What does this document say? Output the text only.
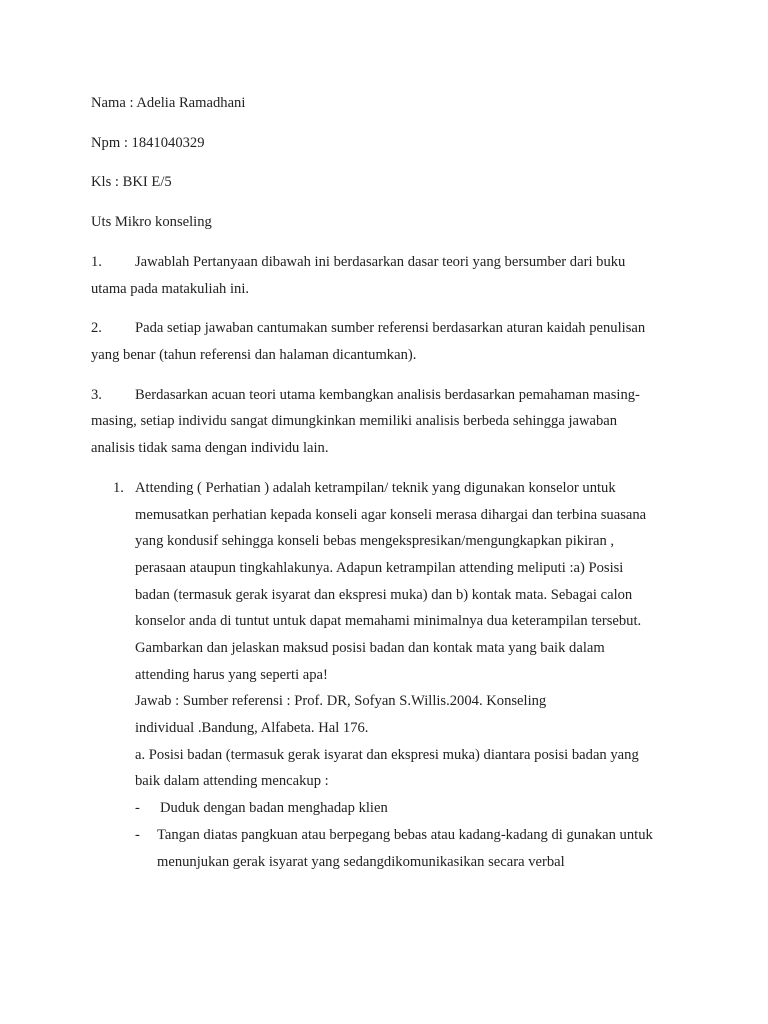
Nama : Adelia Ramadhani
Npm : 1841040329
Kls : BKI E/5
Uts Mikro konseling
1. Jawablah Pertanyaan dibawah ini berdasarkan dasar teori yang bersumber dari buku
utama pada matakuliah ini.
2. Pada setiap jawaban cantumakan sumber referensi berdasarkan aturan kaidah penulisan
yang benar (tahun referensi dan halaman dicantumkan).
3. Berdasarkan acuan teori utama kembangkan analisis berdasarkan pemahaman masing-
masing, setiap individu sangat dimungkinkan memiliki analisis berbeda sehingga jawaban
analisis tidak sama dengan individu lain.
1. Attending ( Perhatian ) adalah ketrampilan/ teknik yang digunakan konselor untuk
memusatkan perhatian kepada konseli agar konseli merasa dihargai dan terbina suasana
yang kondusif sehingga konseli bebas mengekspresikan/mengungkapkan pikiran ,
perasaan ataupun tingkahlakunya. Adapun ketrampilan attending meliputi :a) Posisi
badan (termasuk gerak isyarat dan ekspresi muka) dan b) kontak mata. Sebagai calon
konselor anda di tuntut untuk dapat memahami minimalnya dua keterampilan tersebut.
Gambarkan dan jelaskan maksud posisi badan dan kontak mata yang baik dalam
attending harus yang seperti apa!
Jawab : Sumber referensi : Prof. DR, Sofyan S.Willis.2004. Konseling
individual .Bandung, Alfabeta. Hal 176.
a. Posisi badan (termasuk gerak isyarat dan ekspresi muka) diantara posisi badan yang
baik dalam attending mencakup :
- Duduk dengan badan menghadap klien
- Tangan diatas pangkuan atau berpegang bebas atau kadang-kadang di gunakan untuk
menunjukan gerak isyarat yang sedangdikomunikasikan secara verbal
